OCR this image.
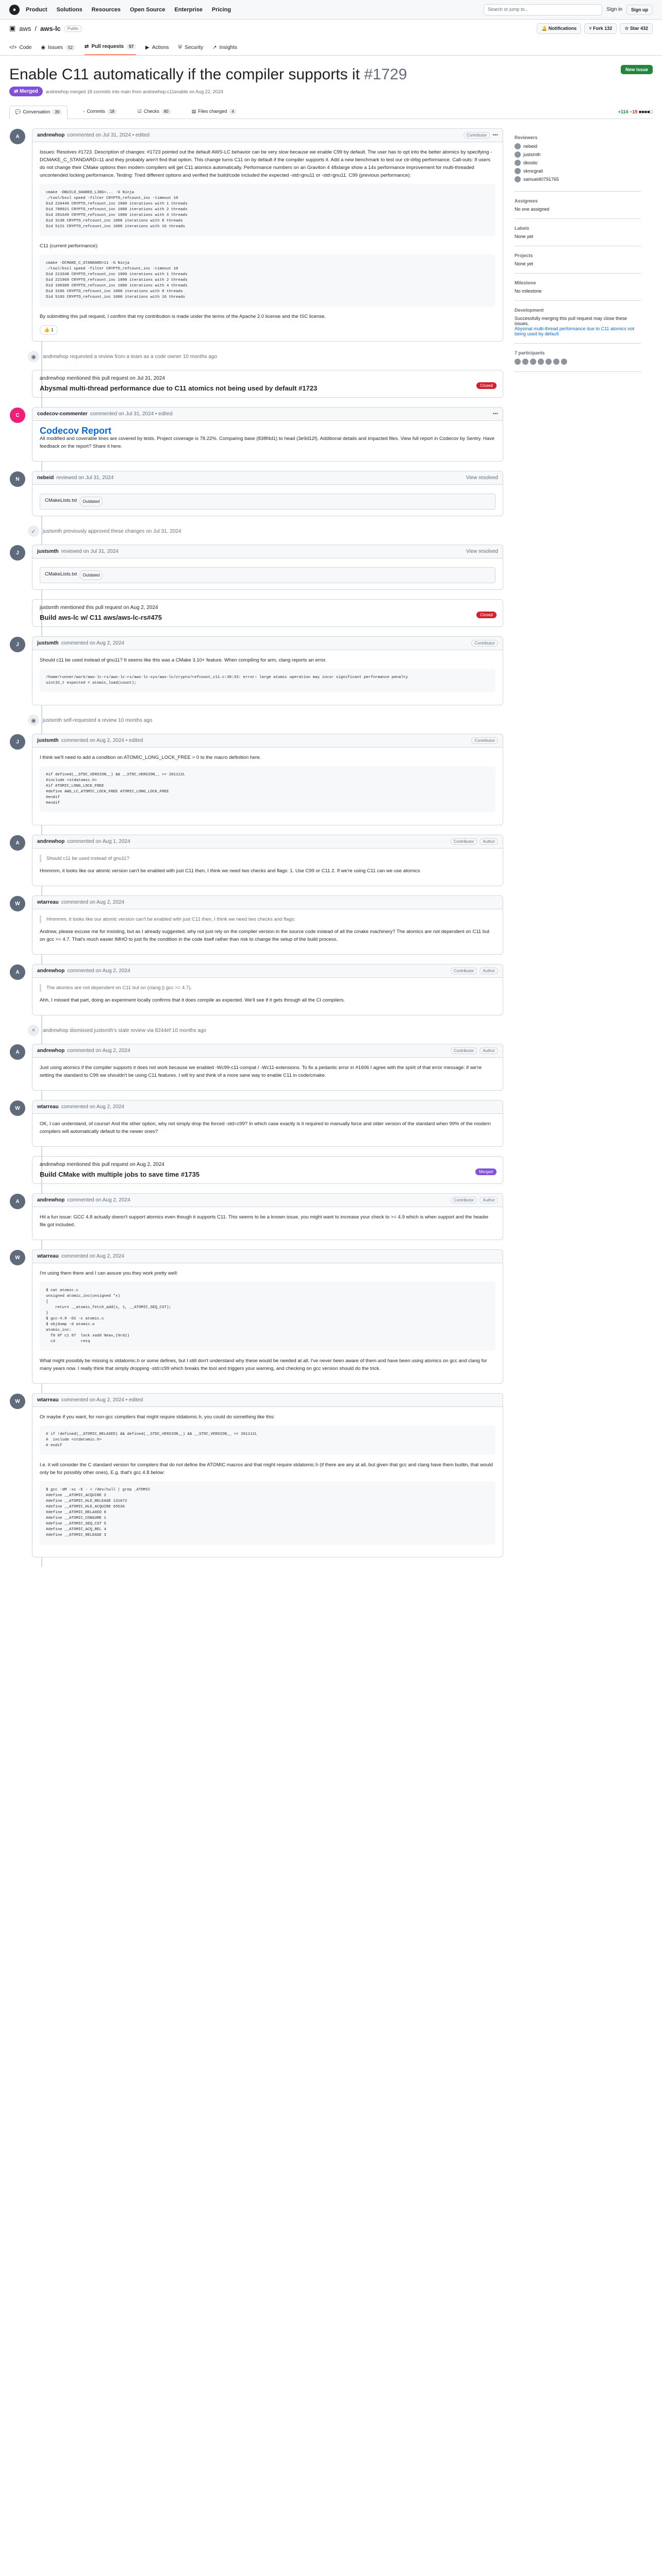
●	Product Solutions Resources Open Source Enterprise Pricing	Search or jump to...	Sign in	Sign up
▣ aws / aws-lc	Public	🔔 Notifications	⑂ Fork 132	☆ Star 432
</> Code ◉ Issues	52	⇄ Pull requests	57	▶ Actions ⛨ Security ↗ Insights
Enable C11 automatically if the compiler supports it #1729	New issue
⇄ Merged	andrewhop merged 18 commits into main from andrewhop:c11enable on Aug 22, 2024
💬 Conversation	39	◦ Commits	18	☑ Checks	80	▤ Files changed	4	+114 −19 ■■■■□
A	andrewhop commented on Jul 31, 2024 • edited	Contributor	•••

Issues: Resolves #1723. Description of changes: #1723 pointed out the default AWS-LC behavior can be very slow because we enable C99 by default. The user has to opt into the better atomics by specifying -DCMAKE_C_STANDARD=11 and they probably aren't find that option. This change turns C11 on by default if the compiler supports it. Add a new benchmark to test our ctr-drbg performance. Call-outs: If users do not change their CMake options then modern compilers will get C11 atomics automatically. Performance numbers on an Graviton 4 48xlarge show a 14x performance improvement for multi-threaded uncontended locking performance. Testing: Tried different options and verified the build/code included the expected -std=gnu11 or -std=gnu11. C99 (previous performance):

cmake -DBUILD_SHARED_LIBS=... -G Ninja
./tool/bssl speed -filter CRYPTO_refcount_inc -timeout 10
Did 210446 CRYPTO_refcount_inc 1000 iterations with 1 threads
Did 788921 CRYPTO_refcount_inc 1000 iterations with 2 threads
Did 281649 CRYPTO_refcount_inc 1000 iterations with 4 threads
Did 3138 CRYPTO_refcount_inc 1000 iterations with 8 threads
Did 5121 CRYPTO_refcount_inc 1000 iterations with 16 threads

C11 (current performance):

cmake -DCMAKE_C_STANDARD=11 -G Ninja
./tool/bssl speed -filter CRYPTO_refcount_inc -timeout 10
Did 213348 CRYPTO_refcount_inc 1000 iterations with 1 threads
Did 221969 CRYPTO_refcount_inc 1000 iterations with 2 threads
Did 109309 CRYPTO_refcount_inc 1000 iterations with 4 threads
Did 3106 CRYPTO_refcount_inc 1000 iterations with 8 threads
Did 5193 CRYPTO_refcount_inc 1000 iterations with 16 threads

By submitting this pull request, I confirm that my contribution is made under the terms of the Apache 2.0 license and the ISC license.

👍 1
◉	andrewhop requested a review from a team as a code owner 10 months ago
andrewhop mentioned this pull request on Jul 31, 2024
Abysmal multi-thread performance due to C11 atomics not being used by default #1723	Closed
C	codecov-commenter commented on Jul 31, 2024 • edited	•••
Codecov Report

All modified and coverable lines are covered by tests. Project coverage is 78.22%. Comparing base (838f4d1) to head (3e9d12f). Additional details and impacted files. View full report in Codecov by Sentry. Have feedback on the report? Share it here.

N	nebeid reviewed on Jul 31, 2024	View resolved
CMakeLists.txt	Outdated
✓	justsmth previously approved these changes on Jul 31, 2024
J	justsmth reviewed on Jul 31, 2024	View resolved
CMakeLists.txt	Outdated
justsmth mentioned this pull request on Aug 2, 2024
Build aws-lc w/ C11 aws/aws-lc-rs#475	Closed
J	justsmth commented on Aug 2, 2024	Contributor

Should c11 be used instead of gnu11? It seems like this was a CMake 3.10+ feature. When compiling for arm, clang reports an error.

/home/runner/work/aws-lc-rs/aws-lc-rs/aws-lc-sys/aws-lc/crypto/refcount_c11.c:38:33: error: large atomic operation may incur significant performance penalty
uint32_t expected = atomic_load(count);
◉	justsmth self-requested a review 10 months ago
J	justsmth commented on Aug 2, 2024 • edited	Contributor

I think we'll need to add a condition on ATOMIC_LONG_LOCK_FREE > 0 to the macro definition here.

#if defined(__STDC_VERSION__) && __STDC_VERSION__ >= 201112L
#include <stdatomic.h>
#if ATOMIC_LONG_LOCK_FREE
#define AWS_LC_ATOMIC_LOCK_FREE ATOMIC_LONG_LOCK_FREE
#endif
#endif
A	andrewhop commented on Aug 1, 2024	Contributor	Author

Should c11 be used instead of gnu11?

Hmmmm, it looks like our atomic version can't be enabled with just C11 then, I think we need two checks and flags: 1. Use C99 or C11 2. If we're using C11 can we use atomics

W	wtarreau commented on Aug 2, 2024

Hmmmm, it looks like our atomic version can't be enabled with just C11 then, I think we need two checks and flags:

Andrew, please excuse me for insisting, but as I already suggested, why not just rely on the compiler version in the source code instead of all the cmake machinery? The atomics are not dependent on C11 but on gcc >= 4.7. That's much easier IMHO to just fix the condition in the code itself rather than risk to change the setup of the build process.

A	andrewhop commented on Aug 2, 2024	Contributor	Author

The atomics are not dependent on C11 but on (clang || gcc >= 4.7).

Ahh, I missed that part, doing an experiment locally confirms that it does compile as expected. We'll see if it gets through all the CI compilers.

×	andrewhop dismissed justsmth's stale review via 8244ef 10 months ago
A	andrewhop commented on Aug 2, 2024	Contributor	Author

Just using atomics if the compiler supports it does not work because we enabled -Wc99-c11-compat / -Wc11-extensions. To fix a pedantic error in #1606 I agree with the spirit of that error message: if we're setting the standard to C99 we shouldn't be using C11 features. I will try and think of a more sane way to enable C11 in code/cmake.

W	wtarreau commented on Aug 2, 2024

OK, I can understand, of course! And the other option, why not simply drop the forced -std=c99? In which case exactly is it required to manually force and older version of the standard when 99% of the modern compilers will automatically default to the newer ones?

andrewhop mentioned this pull request on Aug 2, 2024
Build CMake with multiple jobs to save time #1735	Merged
A	andrewhop commented on Aug 2, 2024	Contributor	Author

Hit a fun issue: GCC 4.8 actually doesn't support atomics even though it supports C11. This seems to be a known issue, you might want to increase your check to >= 4.9 which is when support and the header file got included.

W	wtarreau commented on Aug 2, 2024

I'm using them there and I can assure you they work pretty well:

$ cat atomic.c
unsigned atomic_inc(unsigned *x)
{
return __atomic_fetch_add(x, 1, __ATOMIC_SEQ_CST);
}
$ gcc-4.8 -O2 -c atomic.c
$ objdump -d atomic.o
atomic_inc:
f0 0f c1 07  lock xadd %eax,(%rdi)
c3           retq

What might possibly be missing is stdatomic.h or some defines, but I still don't understand why these would be needed at all. I've never been aware of them and have been using atomics on gcc and clang for many years now. I really think that simply dropping -std=c99 which breaks the tool and triggers your warning, and checking on gcc version should do the trick.

W	wtarreau commented on Aug 2, 2024 • edited

Or maybe if you want, for non-gcc compilers that might require stdatomic.h, you could do something like this:

# if !defined(__ATOMIC_RELAXED) && defined(__STDC_VERSION__) && __STDC_VERSION__ >= 201112L
#  include <stdatomic.h>
# endif

I.e. it will consider the C standard version for compilers that do not define the ATOMIC macros and that might require stdatomic.h (if there are any at all, but given that gcc and clang have them builtin, that would only be for possibly other ones). E.g. that's gcc 4.8 below:

$ gcc -dM -xc -E - < /dev/null | grep _ATOMIC
#define __ATOMIC_ACQUIRE 2
#define __ATOMIC_HLE_RELEASE 131072
#define __ATOMIC_HLE_ACQUIRE 65536
#define __ATOMIC_RELAXED 0
#define __ATOMIC_CONSUME 1
#define __ATOMIC_SEQ_CST 5
#define __ATOMIC_ACQ_REL 4
#define __ATOMIC_RELEASE 3
Reviewers
nebeid
justsmth
dkostic
skmcgrail
samuel40791765
Assignees
No one assigned
Labels
None yet
Projects
None yet
Milestone
No milestone
Development

Successfully merging this pull request may close these issues.

Abysmal multi-thread performance due to C11 atomics not being used by default

7 participants
